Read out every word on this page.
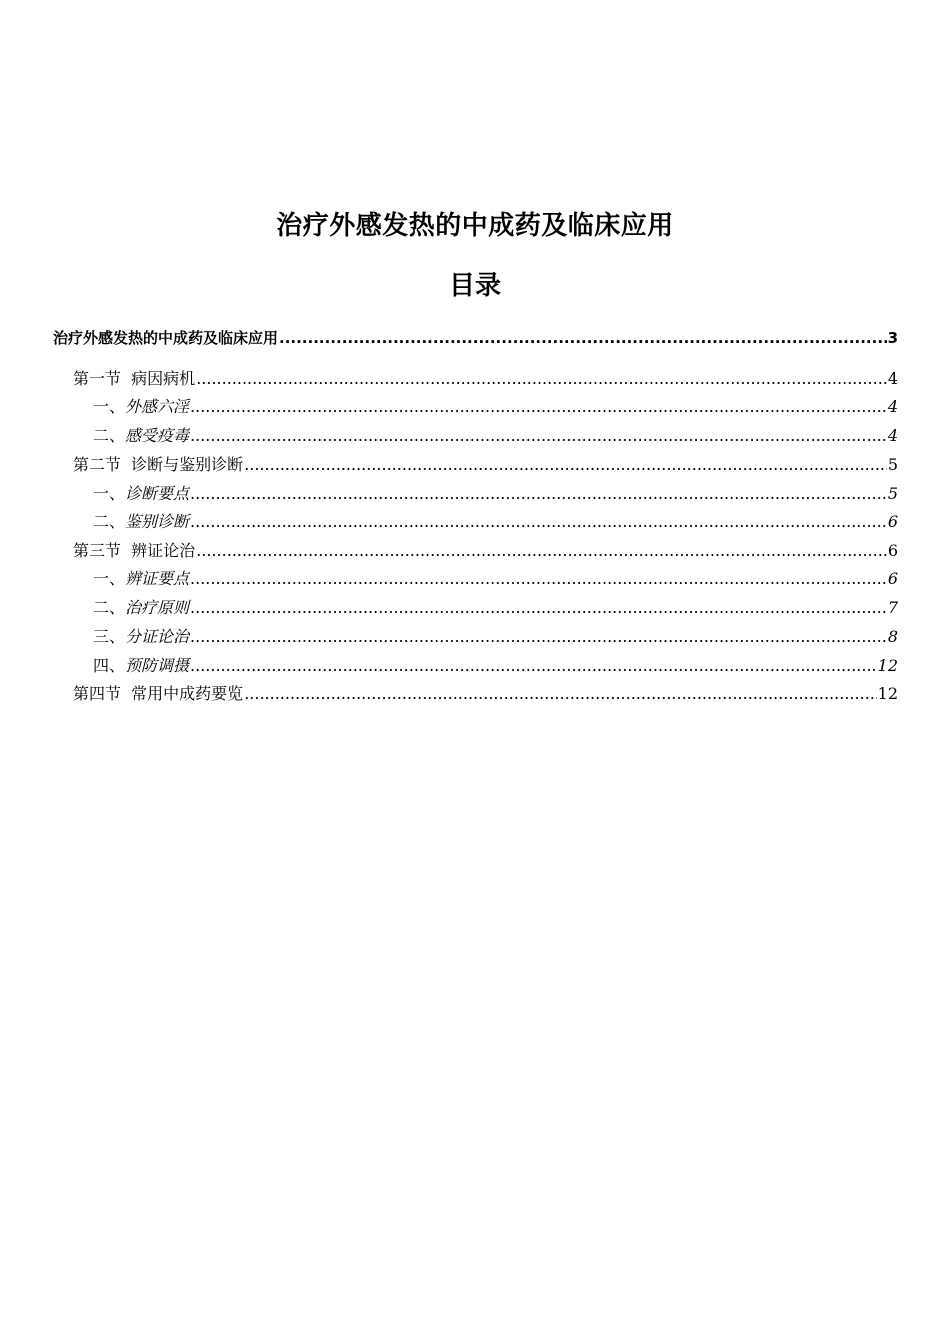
治疗外感发热的中成药及临床应用
目录
治疗外感发热的中成药及临床应用 .....	3
第一节  病因病机 .....	4
一、外感六淫 .....	4
二、感受疫毒 .....	4
第二节  诊断与鉴别诊断 .....	5
一、诊断要点 .....	5
二、鉴别诊断 .....	6
第三节  辨证论治 .....	6
一、辨证要点 .....	6
二、治疗原则 .....	7
三、分证论治 .....	8
四、预防调摄 .....	12
第四节  常用中成药要览 .....	12
